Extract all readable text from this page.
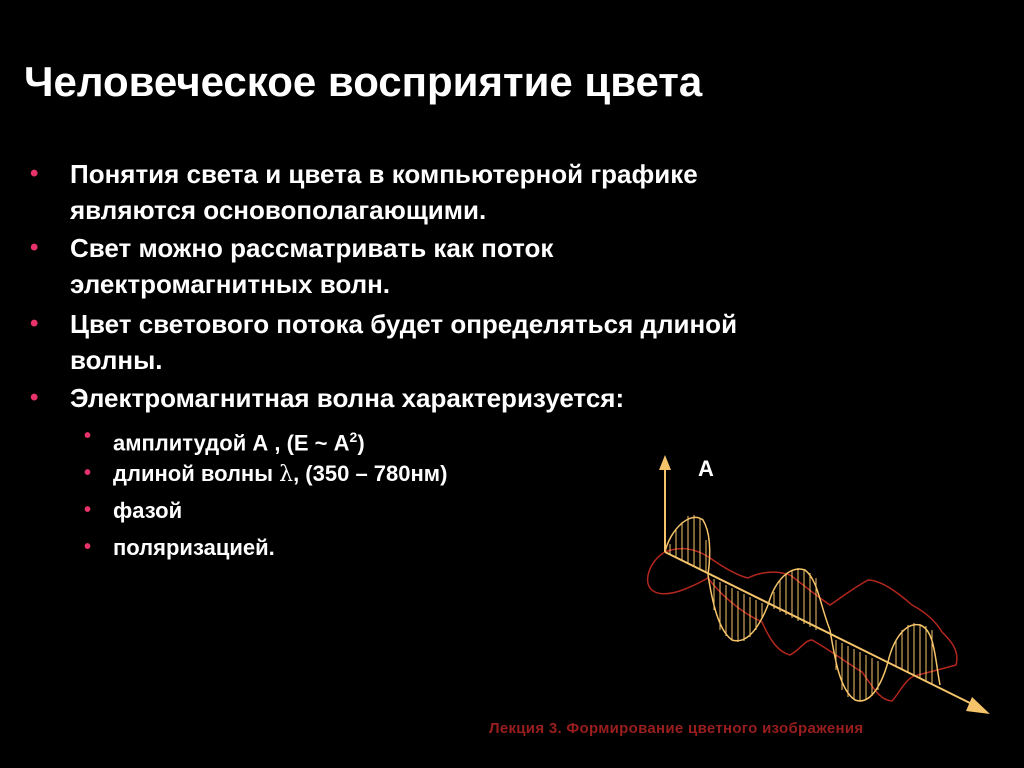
Человеческое восприятие цвета
• Понятия света и цвета в компьютерной графике
являются основополагающими.
• Свет можно рассматривать как поток
электромагнитных волн.
• Цвет светового потока будет определяться длиной
волны.
• Электромагнитная волна характеризуется:
• амплитудой А , (Е ~ $А^2$)
• длиной волны λ, (350 – 780нм)
• фазой
• поляризацией.
A
Лекция 3. Формирование цветного изображения
